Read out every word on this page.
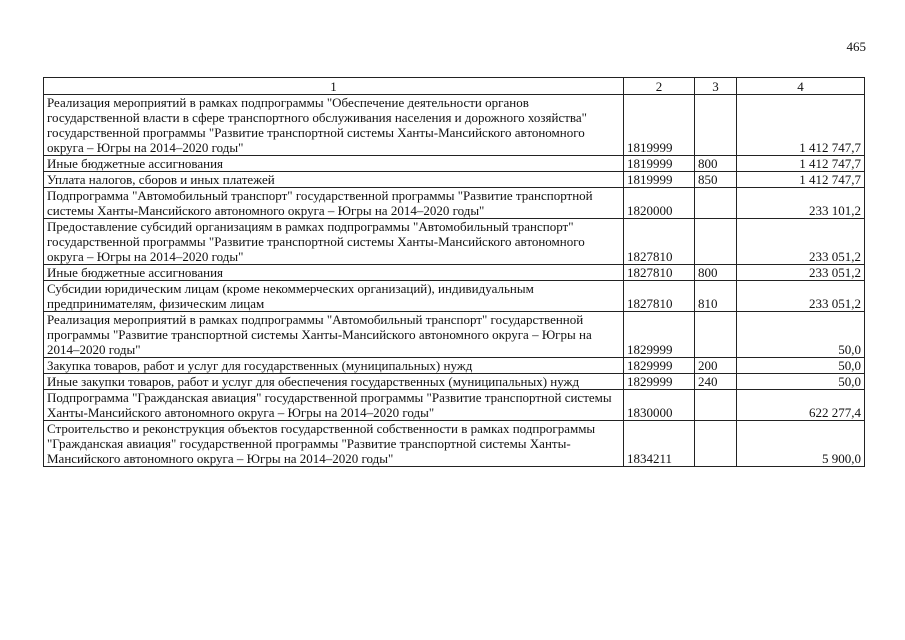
465
1	2	3	4
Реализация мероприятий в рамках подпрограммы "Обеспечение деятельности органов государственной власти в сфере транспортного обслуживания населения и дорожного хозяйства" государственной программы "Развитие транспортной системы Ханты-Мансийского автономного округа – Югры на 2014–2020 годы"	1819999		1 412 747,7
Иные бюджетные ассигнования	1819999	800	1 412 747,7
Уплата налогов, сборов и иных платежей	1819999	850	1 412 747,7
Подпрограмма "Автомобильный транспорт" государственной программы "Развитие транспортной системы Ханты-Мансийского автономного округа – Югры на 2014–2020 годы"	1820000		233 101,2
Предоставление субсидий организациям в рамках подпрограммы "Автомобильный транспорт" государственной программы "Развитие транспортной системы Ханты-Мансийского автономного округа – Югры на 2014–2020 годы"	1827810		233 051,2
Иные бюджетные ассигнования	1827810	800	233 051,2
Субсидии юридическим лицам (кроме некоммерческих организаций), индивидуальным предпринимателям, физическим лицам	1827810	810	233 051,2
Реализация мероприятий в рамках подпрограммы "Автомобильный транспорт" государственной программы "Развитие транспортной системы Ханты-Мансийского автономного округа – Югры на 2014–2020 годы"	1829999		50,0
Закупка товаров, работ и услуг для государственных (муниципальных) нужд	1829999	200	50,0
Иные закупки товаров, работ и услуг для обеспечения государственных (муниципальных) нужд	1829999	240	50,0
Подпрограмма "Гражданская авиация" государственной программы "Развитие транспортной системы Ханты-Мансийского автономного округа – Югры на 2014–2020 годы"	1830000		622 277,4
Строительство и реконструкция объектов государственной собственности в рамках подпрограммы "Гражданская авиация" государственной программы "Развитие транспортной системы Ханты-Мансийского автономного округа – Югры на 2014–2020 годы"	1834211		5 900,0
